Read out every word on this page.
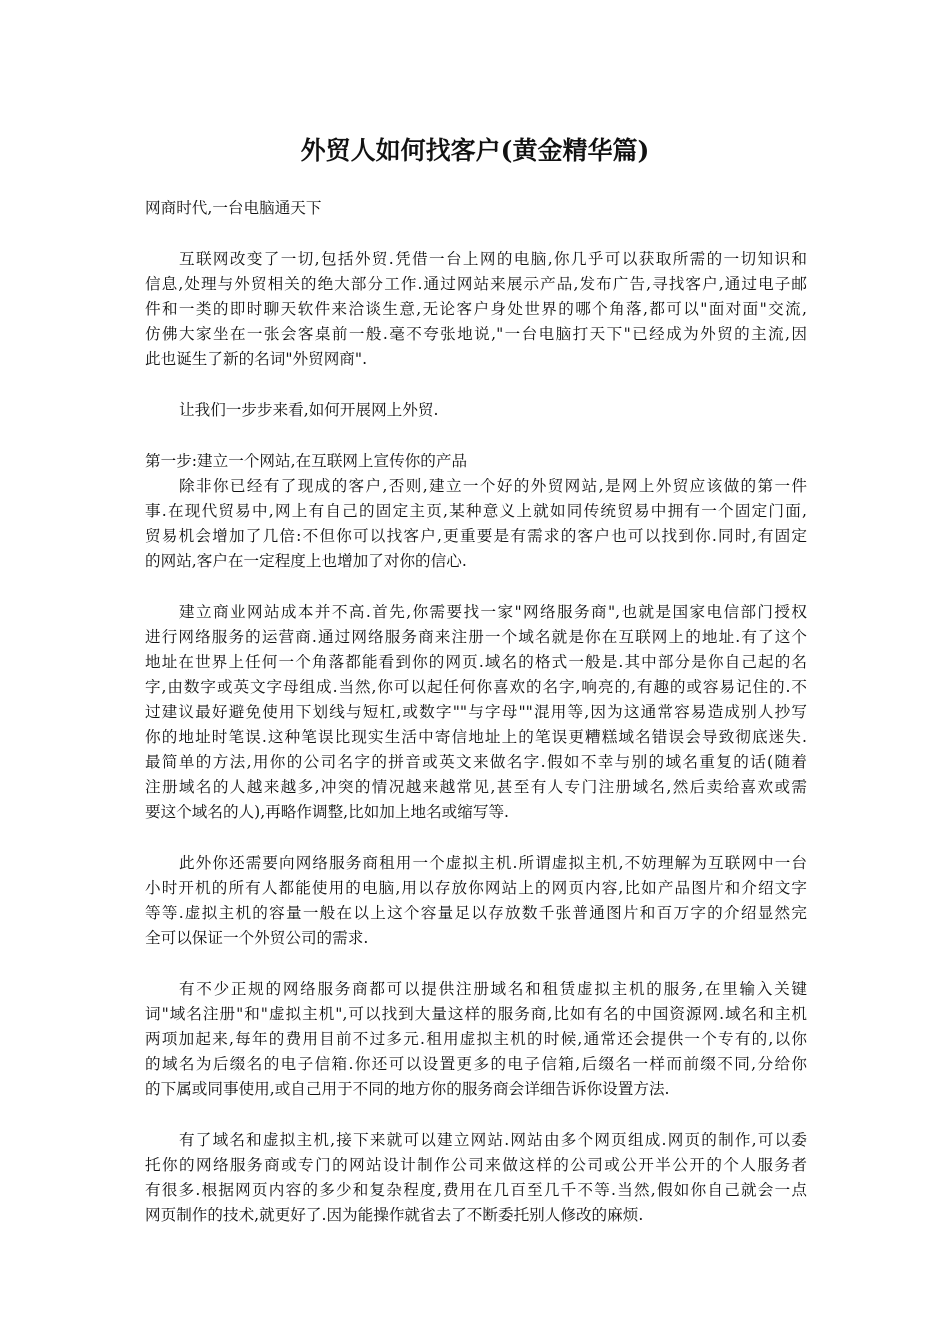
外贸人如何找客户(黄金精华篇)
网商时代,一台电脑通天下
互联网改变了一切,包括外贸.凭借一台上网的电脑,你几乎可以获取所需的一切知识和
信息,处理与外贸相关的绝大部分工作.通过网站来展示产品,发布广告,寻找客户,通过电子邮
件和一类的即时聊天软件来洽谈生意,无论客户身处世界的哪个角落,都可以"面对面"交流,
仿佛大家坐在一张会客桌前一般.毫不夸张地说,"一台电脑打天下"已经成为外贸的主流,因
此也诞生了新的名词"外贸网商".
让我们一步步来看,如何开展网上外贸.
第一步:建立一个网站,在互联网上宣传你的产品
除非你已经有了现成的客户,否则,建立一个好的外贸网站,是网上外贸应该做的第一件
事.在现代贸易中,网上有自己的固定主页,某种意义上就如同传统贸易中拥有一个固定门面,
贸易机会增加了几倍:不但你可以找客户,更重要是有需求的客户也可以找到你.同时,有固定
的网站,客户在一定程度上也增加了对你的信心.
建立商业网站成本并不高.首先,你需要找一家"网络服务商",也就是国家电信部门授权
进行网络服务的运营商.通过网络服务商来注册一个域名就是你在互联网上的地址.有了这个
地址在世界上任何一个角落都能看到你的网页.域名的格式一般是.其中部分是你自己起的名
字,由数字或英文字母组成.当然,你可以起任何你喜欢的名字,响亮的,有趣的或容易记住的.不
过建议最好避免使用下划线与短杠,或数字""与字母""混用等,因为这通常容易造成别人抄写
你的地址时笔误.这种笔误比现实生活中寄信地址上的笔误更糟糕域名错误会导致彻底迷失.
最简单的方法,用你的公司名字的拼音或英文来做名字.假如不幸与别的域名重复的话(随着
注册域名的人越来越多,冲突的情况越来越常见,甚至有人专门注册域名,然后卖给喜欢或需
要这个域名的人),再略作调整,比如加上地名或缩写等.
此外你还需要向网络服务商租用一个虚拟主机.所谓虚拟主机,不妨理解为互联网中一台
小时开机的所有人都能使用的电脑,用以存放你网站上的网页内容,比如产品图片和介绍文字
等等.虚拟主机的容量一般在以上这个容量足以存放数千张普通图片和百万字的介绍显然完
全可以保证一个外贸公司的需求.
有不少正规的网络服务商都可以提供注册域名和租赁虚拟主机的服务,在里输入关键
词"域名注册"和"虚拟主机",可以找到大量这样的服务商,比如有名的中国资源网.域名和主机
两项加起来,每年的费用目前不过多元.租用虚拟主机的时候,通常还会提供一个专有的,以你
的域名为后缀名的电子信箱.你还可以设置更多的电子信箱,后缀名一样而前缀不同,分给你
的下属或同事使用,或自己用于不同的地方你的服务商会详细告诉你设置方法.
有了域名和虚拟主机,接下来就可以建立网站.网站由多个网页组成.网页的制作,可以委
托你的网络服务商或专门的网站设计制作公司来做这样的公司或公开半公开的个人服务者
有很多.根据网页内容的多少和复杂程度,费用在几百至几千不等.当然,假如你自己就会一点
网页制作的技术,就更好了.因为能操作就省去了不断委托别人修改的麻烦.
